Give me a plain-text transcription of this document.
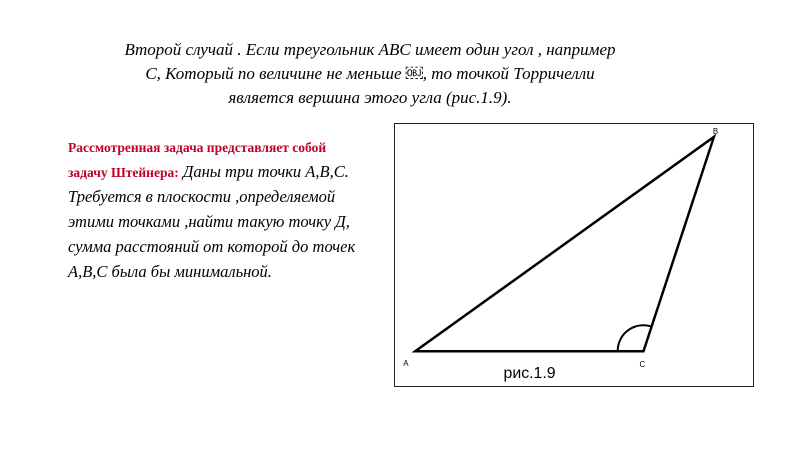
Второй случай . Если треугольник ABC имеет один угол , например
C, Который по величине не меньше ￼, то точкой Торричелли
является вершина этого угла (рис.1.9).
Рассмотренная задача представляет собой задачу Штейнера: Даны три точки A,B,C. Требуется в плоскости ,определяемой этими точками ,найти такую точку Д, сумма расстояний от которой до точек А,В,С была бы минимальной.
A	C
B
рис.1.9
